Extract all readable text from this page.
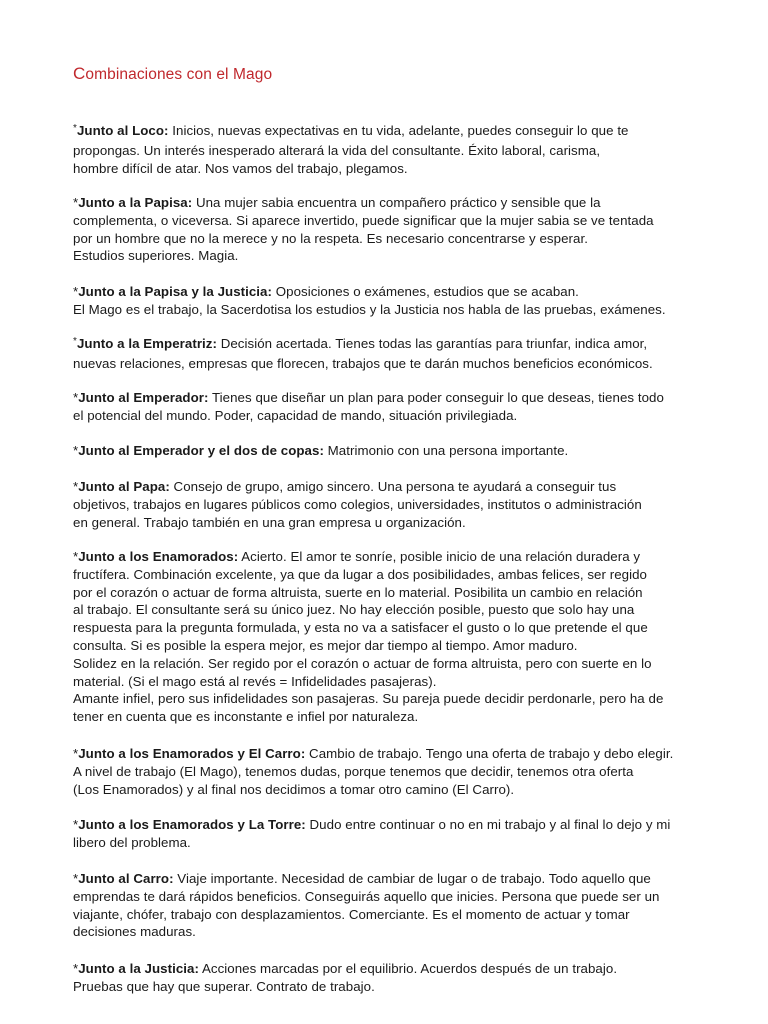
Combinaciones con el Mago

*Junto al Loco: Inicios, nuevas expectativas en tu vida, adelante, puedes conseguir lo que te
propongas. Un interés inesperado alterará la vida del consultante. Éxito laboral, carisma,
hombre difícil de atar. Nos vamos del trabajo, plegamos.

*Junto a la Papisa: Una mujer sabia encuentra un compañero práctico y sensible que la
complementa, o viceversa. Si aparece invertido, puede significar que la mujer sabia se ve tentada
por un hombre que no la merece y no la respeta. Es necesario concentrarse y esperar.
Estudios superiores. Magia.

*Junto a la Papisa y la Justicia: Oposiciones o exámenes, estudios que se acaban.
El Mago es el trabajo, la Sacerdotisa los estudios y la Justicia nos habla de las pruebas, exámenes.

*Junto a la Emperatriz: Decisión acertada. Tienes todas las garantías para triunfar, indica amor,
nuevas relaciones, empresas que florecen, trabajos que te darán muchos beneficios económicos.

*Junto al Emperador: Tienes que diseñar un plan para poder conseguir lo que deseas, tienes todo
el potencial del mundo. Poder, capacidad de mando, situación privilegiada.

*Junto al Emperador y el dos de copas: Matrimonio con una persona importante.

*Junto al Papa: Consejo de grupo, amigo sincero. Una persona te ayudará a conseguir tus
objetivos, trabajos en lugares públicos como colegios, universidades, institutos o administración
en general. Trabajo también en una gran empresa u organización.

*Junto a los Enamorados: Acierto. El amor te sonríe, posible inicio de una relación duradera y
fructífera. Combinación excelente, ya que da lugar a dos posibilidades, ambas felices, ser regido
por el corazón o actuar de forma altruista, suerte en lo material. Posibilita un cambio en relación
al trabajo. El consultante será su único juez. No hay elección posible, puesto que solo hay una
respuesta para la pregunta formulada, y esta no va a satisfacer el gusto o lo que pretende el que
consulta. Si es posible la espera mejor, es mejor dar tiempo al tiempo. Amor maduro.
Solidez en la relación. Ser regido por el corazón o actuar de forma altruista, pero con suerte en lo
material. (Si el mago está al revés = Infidelidades pasajeras).
Amante infiel, pero sus infidelidades son pasajeras. Su pareja puede decidir perdonarle, pero ha de
tener en cuenta que es inconstante e infiel por naturaleza.

*Junto a los Enamorados y El Carro: Cambio de trabajo. Tengo una oferta de trabajo y debo elegir.
A nivel de trabajo (El Mago), tenemos dudas, porque tenemos que decidir, tenemos otra oferta
(Los Enamorados) y al final nos decidimos a tomar otro camino (El Carro).

*Junto a los Enamorados y La Torre: Dudo entre continuar o no en mi trabajo y al final lo dejo y mi
libero del problema.

*Junto al Carro: Viaje importante. Necesidad de cambiar de lugar o de trabajo. Todo aquello que
emprendas te dará rápidos beneficios. Conseguirás aquello que inicies. Persona que puede ser un
viajante, chófer, trabajo con desplazamientos. Comerciante. Es el momento de actuar y tomar
decisiones maduras.

*Junto a la Justicia: Acciones marcadas por el equilibrio. Acuerdos después de un trabajo.
Pruebas que hay que superar. Contrato de trabajo.
